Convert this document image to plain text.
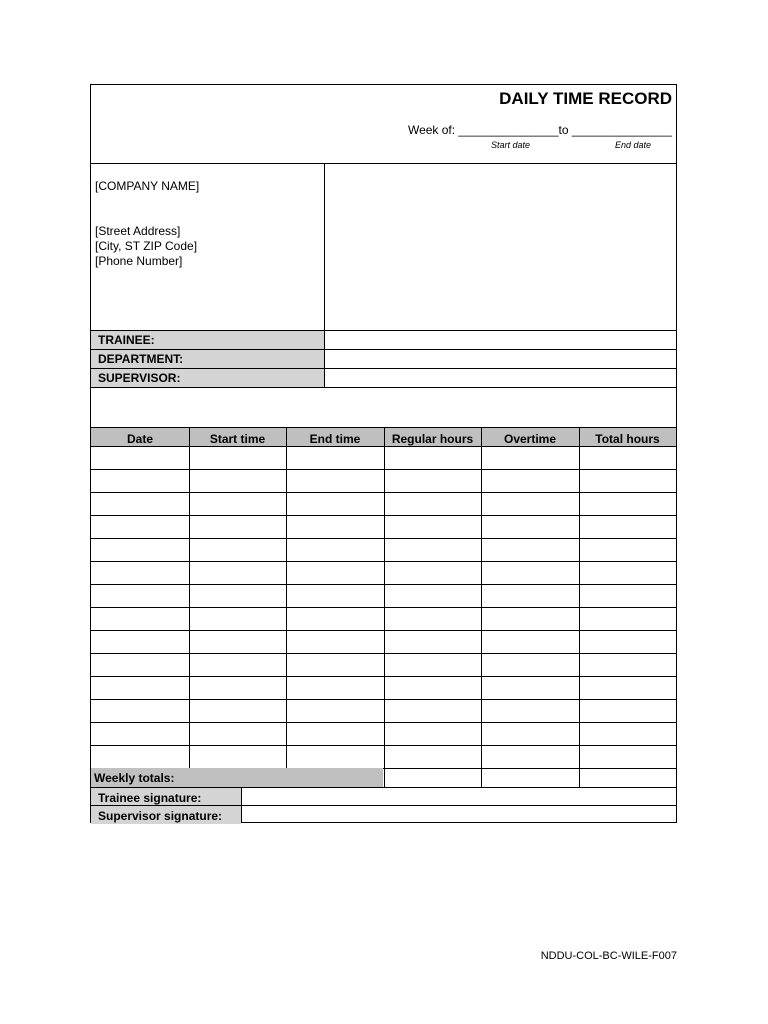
DAILY TIME RECORD
Week of: _______________to _______________
Start date	End date
[COMPANY NAME]
[Street Address]
[City, ST ZIP Code]
[Phone Number]
TRAINEE:
DEPARTMENT:
SUPERVISOR:
Date	Start time	End time	Regular hours	Overtime	Total hours
Weekly totals:
Trainee signature:
Supervisor signature:
NDDU-COL-BC-WILE-F007
